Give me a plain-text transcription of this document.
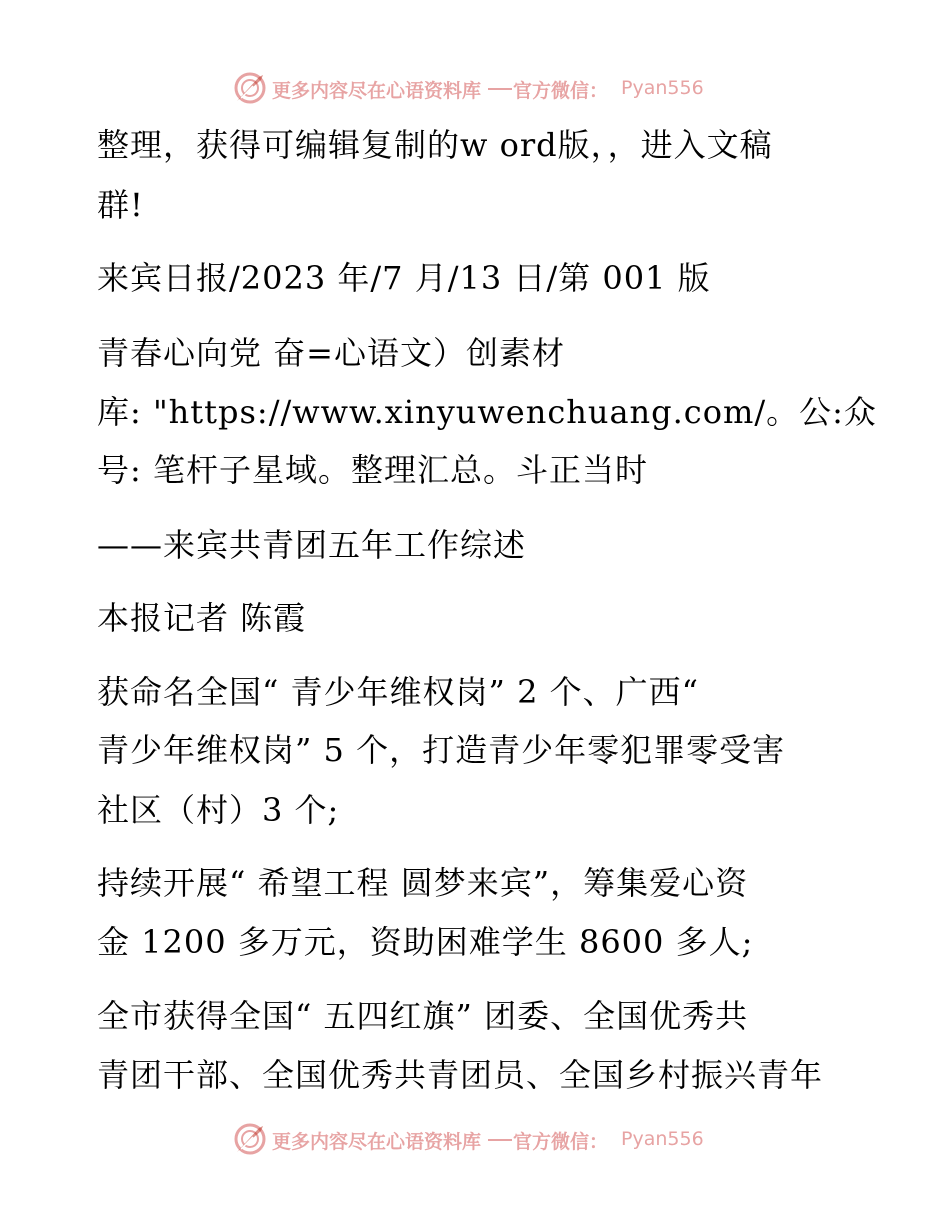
更多内容尽在心语资料库 官方微信： Pyan556
整理，获得可编辑复制的w ord版，，进入文稿
群!
来宾日报/2023 年/7 月/13 日/第 001 版
青春心向党 奋=心语文）创素材
库: "https://www.xinyuwenchuang.com/。公:众
号: 笔杆子星域。整理汇总。斗正当时
——来宾共青团五年工作综述
本报记者 陈霞
获命名全国“ 青少年维权岗” 2 个、广西“
青少年维权岗” 5 个，打造青少年零犯罪零受害
社区（村）3 个;
持续开展“ 希望工程 圆梦来宾”，筹集爱心资
金 1200 多万元，资助困难学生 8600 多人;
全市获得全国“ 五四红旗” 团委、全国优秀共
青团干部、全国优秀共青团员、全国乡村振兴青年
更多内容尽在心语资料库 官方微信： Pyan556
